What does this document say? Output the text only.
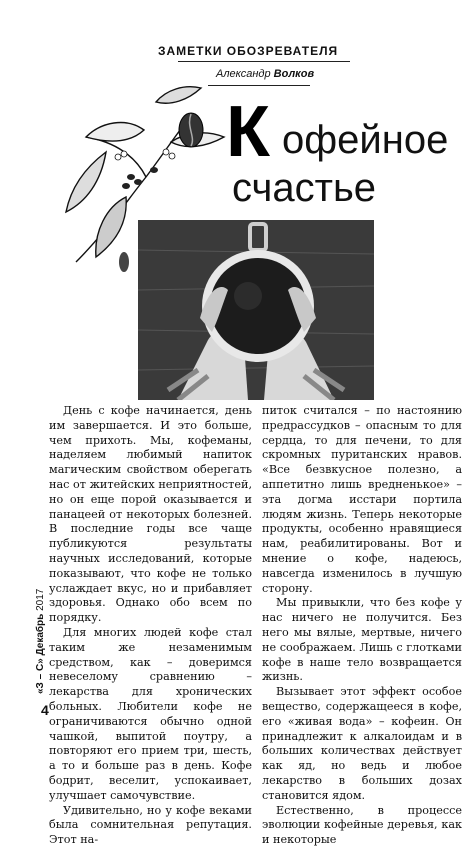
ЗАМЕТКИ ОБОЗРЕВАТЕЛЯ
Александр Волков
К офейное
счастье

День с кофе начинается, день им завершается. И это больше, чем прихоть. Мы, кофеманы, наделяем любимый напиток магическим свойством оберегать нас от житейских неприятностей, но он еще порой оказывается и панацеей от некоторых болезней. В последние годы все чаще публикуются результаты научных исследований, которые показывают, что кофе не только услаждает вкус, но и прибавляет здоровья. Однако обо всем по порядку.

Для многих людей кофе стал таким же незаменимым средством, как – доверимся невеселому сравнению – лекарства для хронических больных. Любители кофе не ограничиваются обычно одной чашкой, выпитой поутру, а повторяют его прием три, шесть, а то и больше раз в день. Кофе бодрит, веселит, успокаивает, улучшает самочувствие.

Удивительно, но у кофе веками была сомнительная репутация. Этот на-

питок считался – по настоянию предрассудков – опасным то для сердца, то для печени, то для скромных пуританских нравов. «Все безвкусное полезно, а аппетитно лишь вредненькое» – эта догма исстари портила людям жизнь. Теперь некоторые продукты, особенно нравящиеся нам, реабилитированы. Вот и мнение о кофе, надеюсь, навсегда изменилось в лучшую сторону.

Мы привыкли, что без кофе у нас ничего не получится. Без него мы вялые, мертвые, ничего не соображаем. Лишь с глотками кофе в наше тело возвращается жизнь.

Вызывает этот эффект особое вещество, содержащееся в кофе, его «живая вода» – кофеин. Он принадлежит к алкалоидам и в больших количествах действует как яд, но ведь и любое лекарство в больших дозах становится ядом.

Естественно, в процессе эволюции кофейные деревья, как и некоторые

«З – С» Декабрь 2017
4
